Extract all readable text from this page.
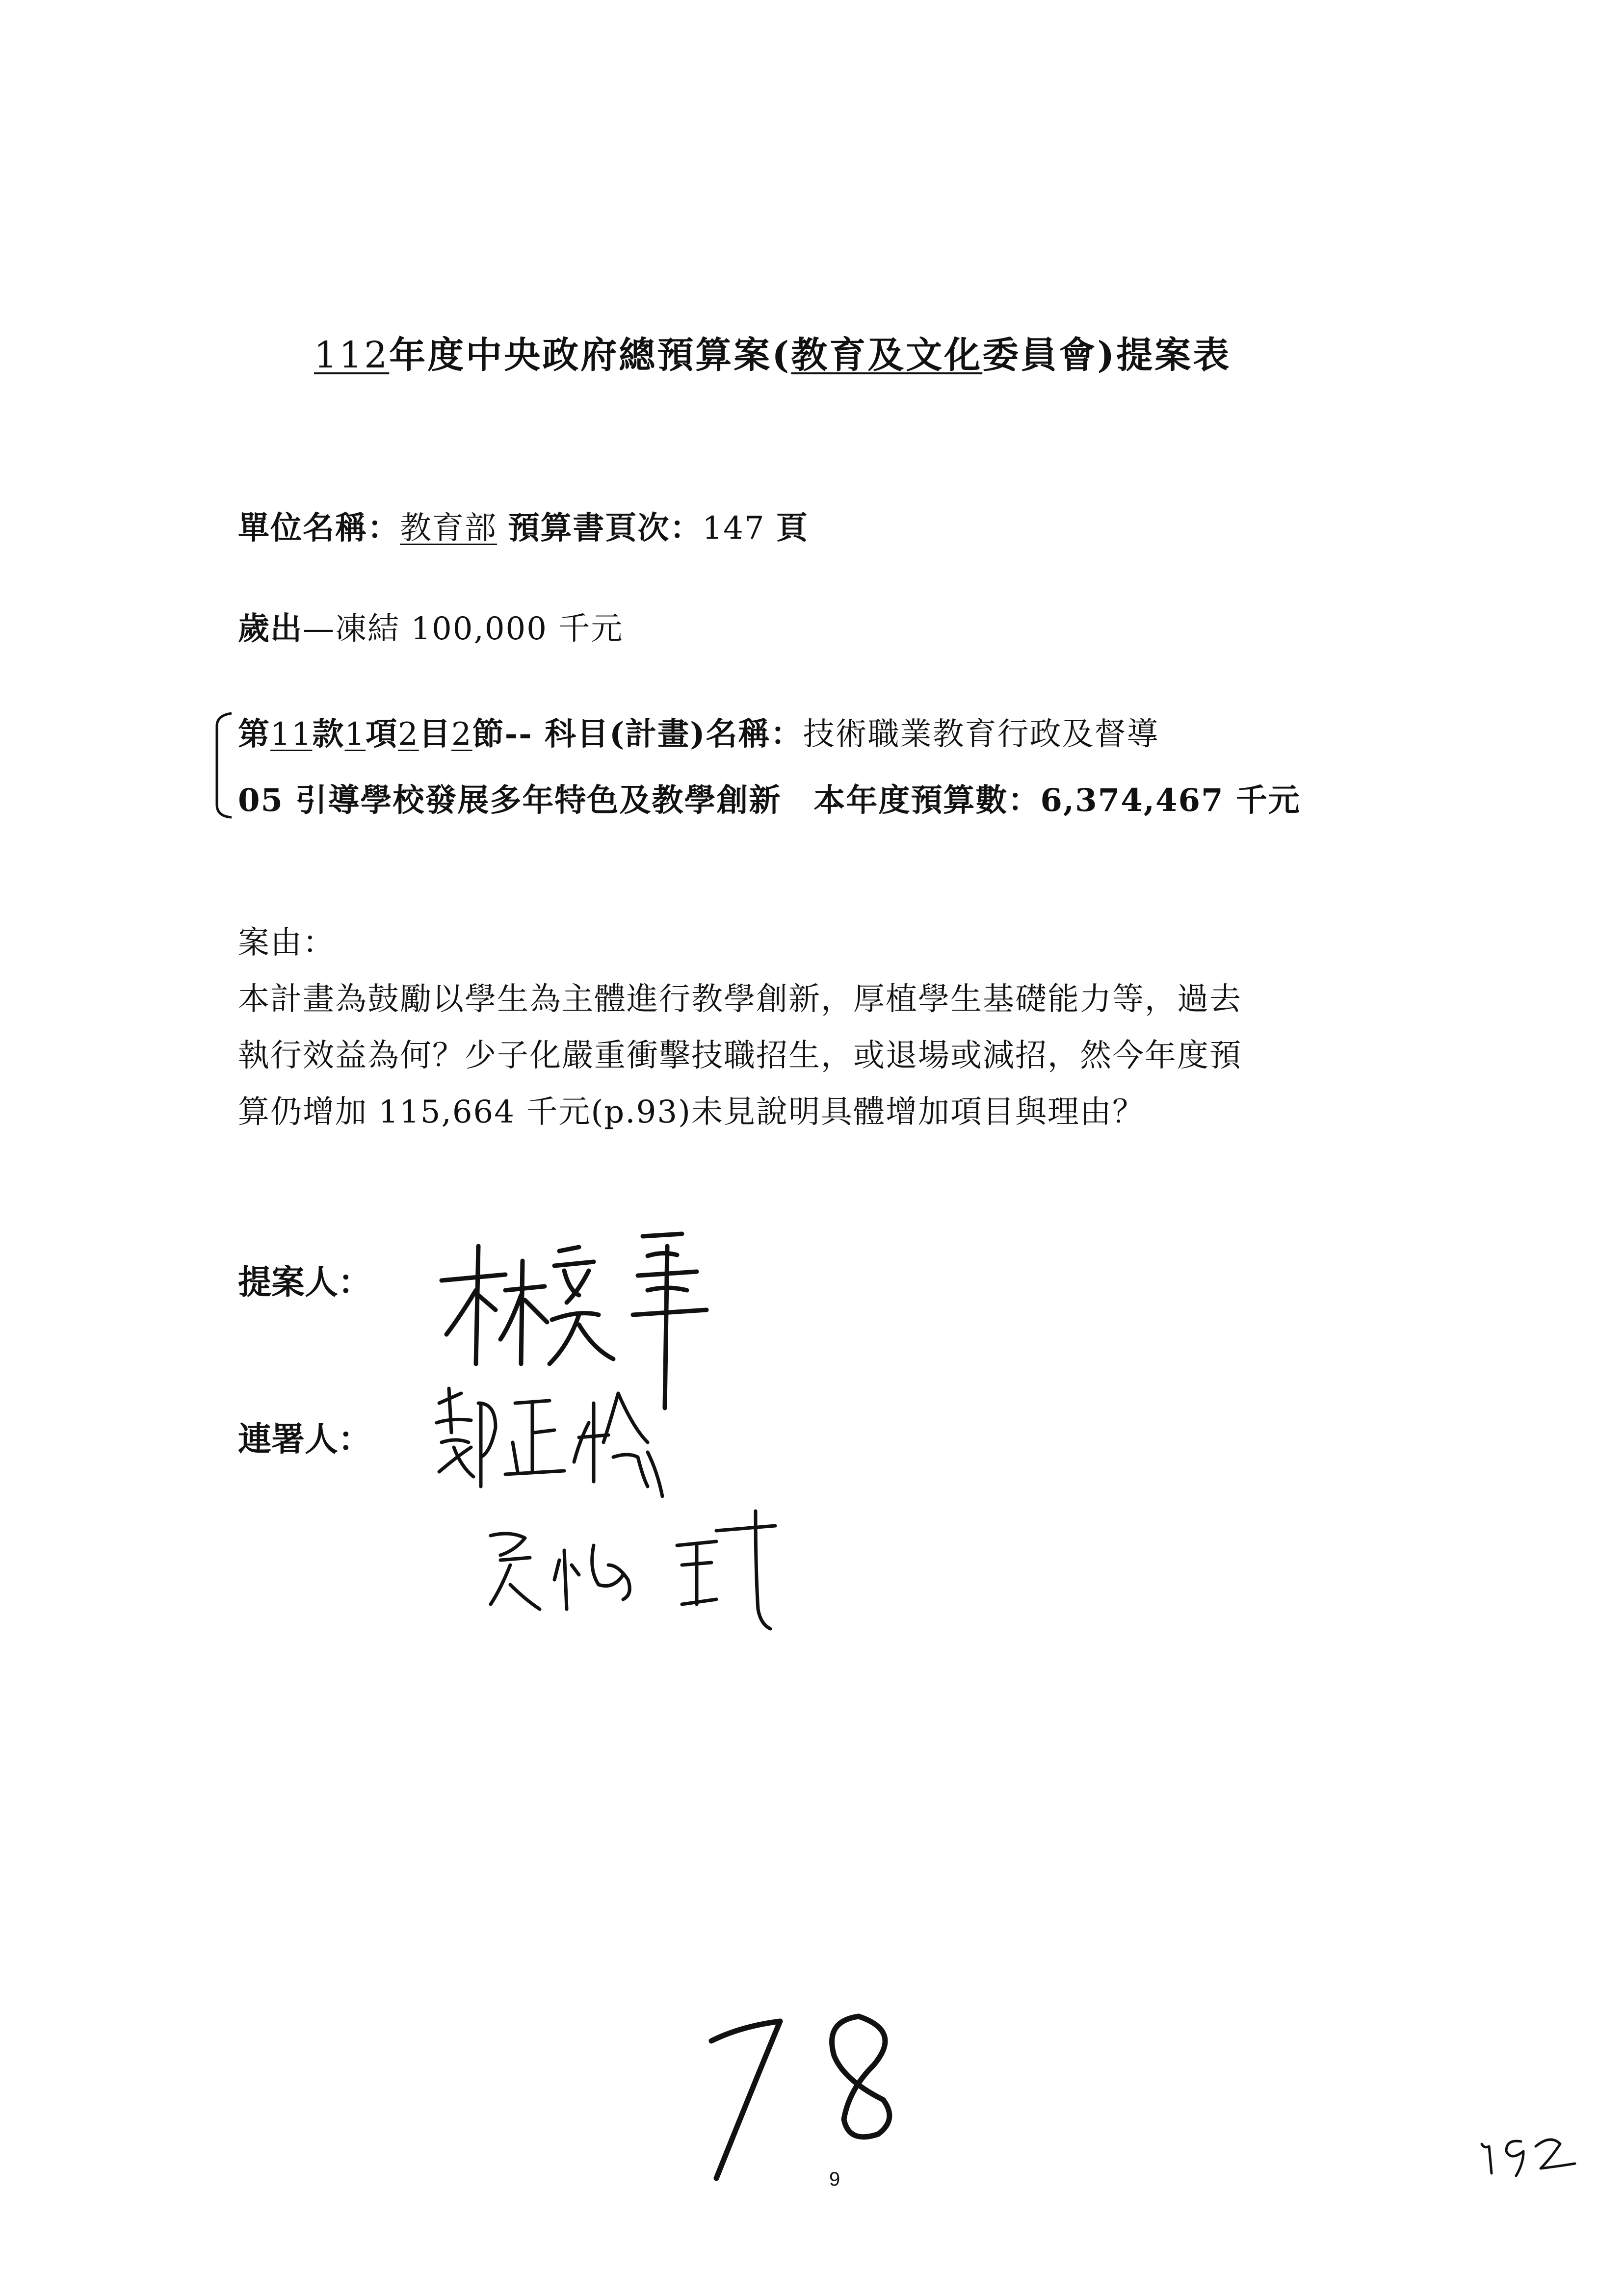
112年度中央政府總預算案(教育及文化委員會)提案表
單位名稱：教育部 預算書頁次：147 頁
歲出—凍結 100,000 千元
第11款1項2目2節-- 科目(計畫)名稱：技術職業教育行政及督導
05 引導學校發展多年特色及教學創新　本年度預算數：6,374,467 千元
案由：
本計畫為鼓勵以學生為主體進行教學創新，厚植學生基礎能力等，過去
執行效益為何？少子化嚴重衝擊技職招生，或退場或減招，然今年度預
算仍增加 115,664 千元(p.93)未見說明具體增加項目與理由？
提案人：
連署人：
9
